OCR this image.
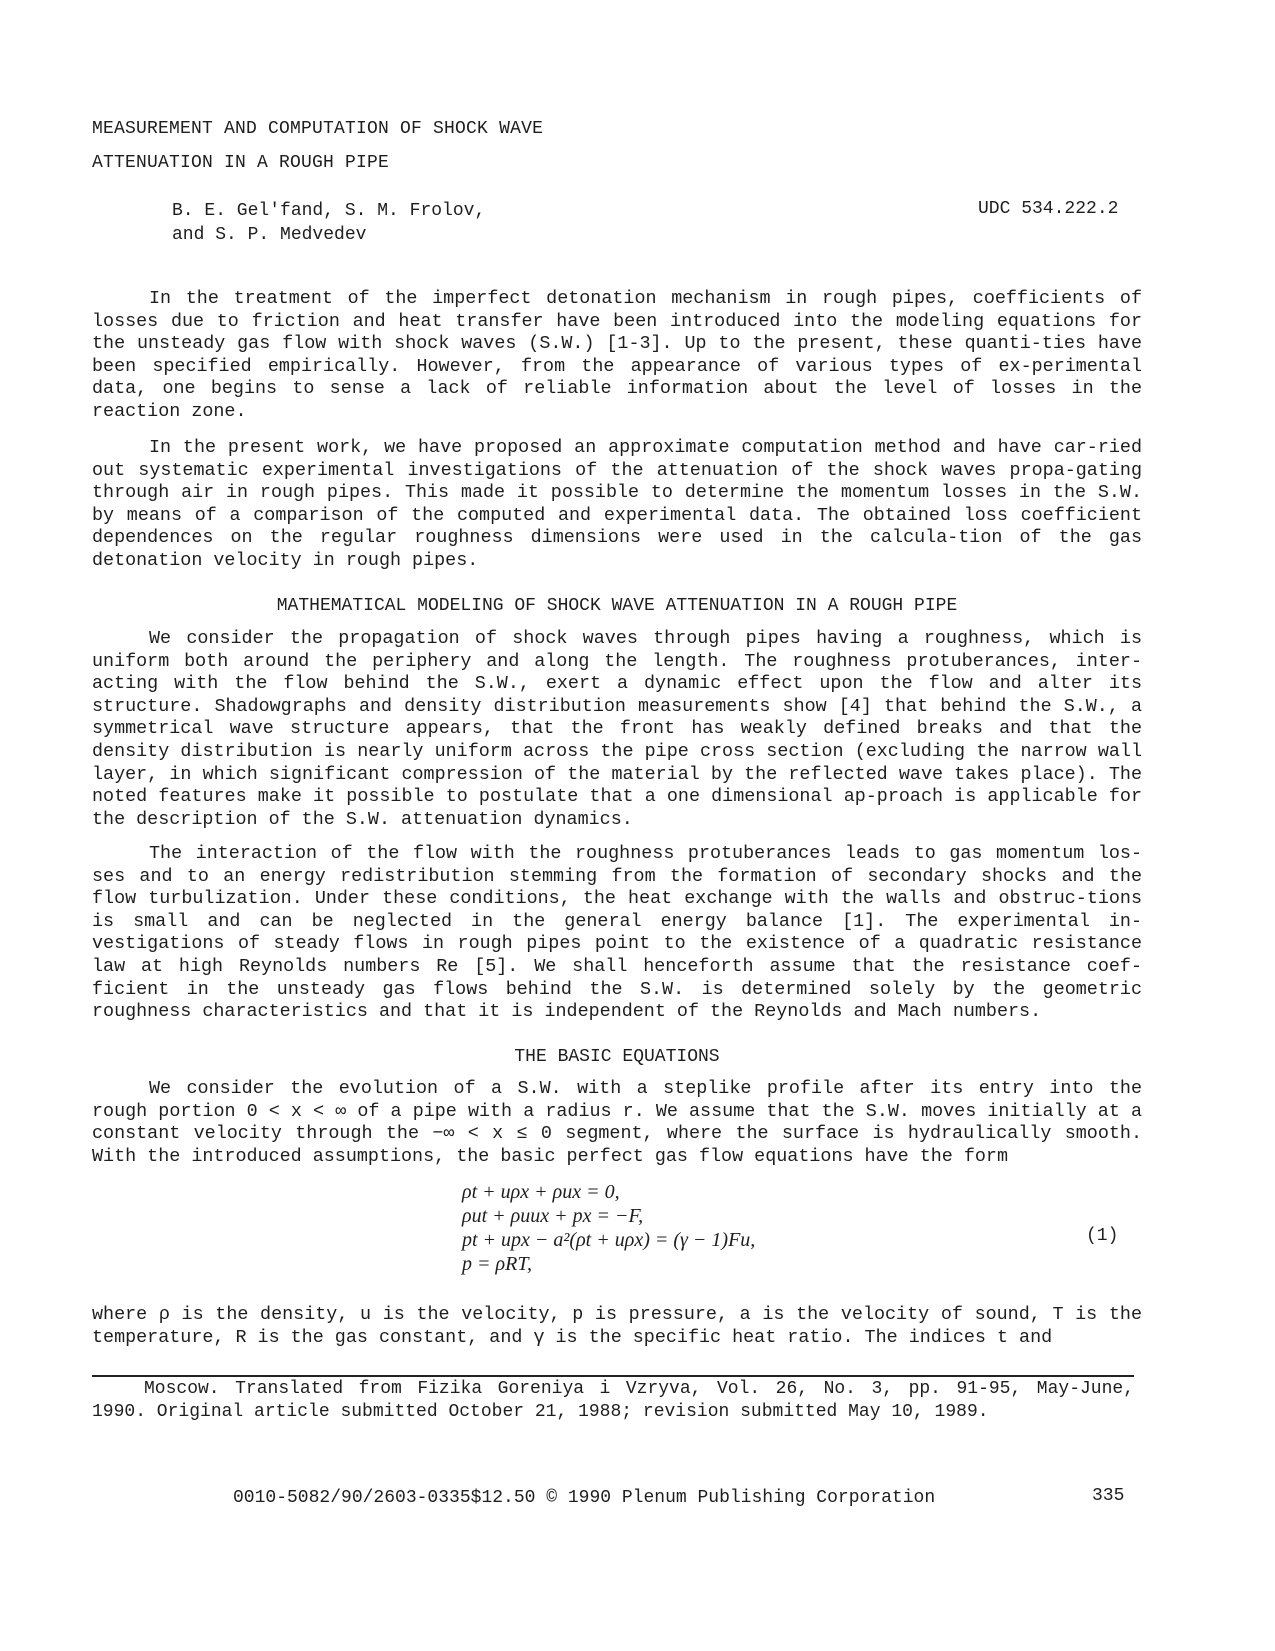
MEASUREMENT AND COMPUTATION OF SHOCK WAVE
ATTENUATION IN A ROUGH PIPE
B. E. Gel'fand, S. M. Frolov,
and S. P. Medvedev
UDC 534.222.2

In the treatment of the imperfect detonation mechanism in rough pipes, coefficients of losses due to friction and heat transfer have been introduced into the modeling equations for the unsteady gas flow with shock waves (S.W.) [1-3]. Up to the present, these quanti-ties have been specified empirically. However, from the appearance of various types of ex-perimental data, one begins to sense a lack of reliable information about the level of losses in the reaction zone.

In the present work, we have proposed an approximate computation method and have car-ried out systematic experimental investigations of the attenuation of the shock waves propa-gating through air in rough pipes. This made it possible to determine the momentum losses in the S.W. by means of a comparison of the computed and experimental data. The obtained loss coefficient dependences on the regular roughness dimensions were used in the calcula-tion of the gas detonation velocity in rough pipes.

MATHEMATICAL MODELING OF SHOCK WAVE ATTENUATION IN A ROUGH PIPE

We consider the propagation of shock waves through pipes having a roughness, which is uniform both around the periphery and along the length. The roughness protuberances, inter-acting with the flow behind the S.W., exert a dynamic effect upon the flow and alter its structure. Shadowgraphs and density distribution measurements show [4] that behind the S.W., a symmetrical wave structure appears, that the front has weakly defined breaks and that the density distribution is nearly uniform across the pipe cross section (excluding the narrow wall layer, in which significant compression of the material by the reflected wave takes place). The noted features make it possible to postulate that a one dimensional ap-proach is applicable for the description of the S.W. attenuation dynamics.

The interaction of the flow with the roughness protuberances leads to gas momentum los-ses and to an energy redistribution stemming from the formation of secondary shocks and the flow turbulization. Under these conditions, the heat exchange with the walls and obstruc-tions is small and can be neglected in the general energy balance [1]. The experimental in-vestigations of steady flows in rough pipes point to the existence of a quadratic resistance law at high Reynolds numbers Re [5]. We shall henceforth assume that the resistance coef-ficient in the unsteady gas flows behind the S.W. is determined solely by the geometric roughness characteristics and that it is independent of the Reynolds and Mach numbers.

THE BASIC EQUATIONS

We consider the evolution of a S.W. with a steplike profile after its entry into the rough portion 0 < x < ∞ of a pipe with a radius r. We assume that the S.W. moves initially at a constant velocity through the −∞ < x ≤ 0 segment, where the surface is hydraulically smooth. With the introduced assumptions, the basic perfect gas flow equations have the form

ρt + uρx + ρux = 0,
ρut + ρuux + px = −F,
pt + upx − a²(ρt + uρx) = (γ − 1)Fu,
p = ρRT,
(1)

where ρ is the density, u is the velocity, p is pressure, a is the velocity of sound, T is the temperature, R is the gas constant, and γ is the specific heat ratio. The indices t and

Moscow. Translated from Fizika Goreniya i Vzryva, Vol. 26, No. 3, pp. 91-95, May-June, 1990. Original article submitted October 21, 1988; revision submitted May 10, 1989.

0010-5082/90/2603-0335$12.50 © 1990 Plenum Publishing Corporation	335
